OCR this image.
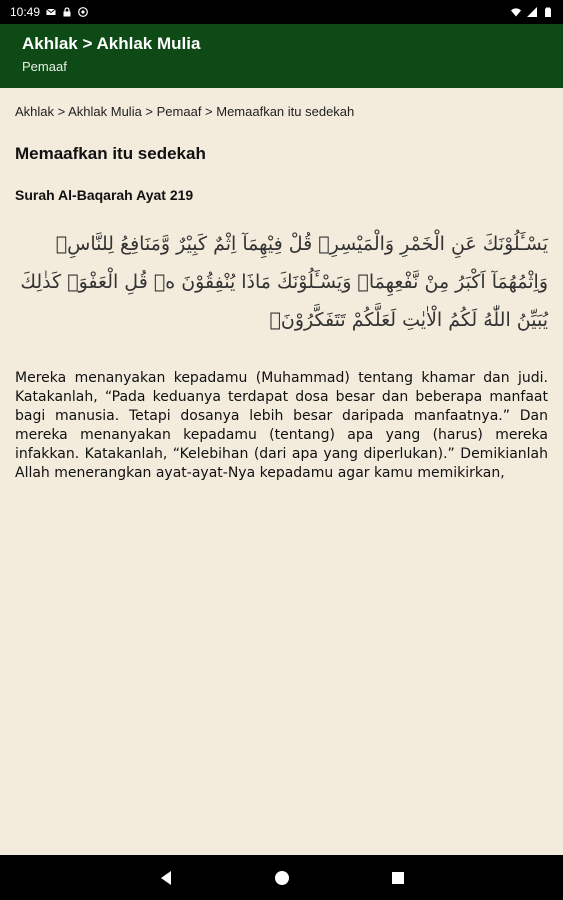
10:49
Akhlak > Akhlak Mulia
Pemaaf
Akhlak > Akhlak Mulia > Pemaaf > Memaafkan itu sedekah
Memaafkan itu sedekah
Surah Al-Baqarah Ayat 219
يَسْـَٔلُوْنَكَ عَنِ الْخَمْرِ وَالْمَيْسِرِۗ قُلْ فِيْهِمَآ اِثْمٌ كَبِيْرٌ وَّمَنَافِعُ لِلنَّاسِۖ وَاِثْمُهُمَآ اَكْبَرُ مِنْ نَّفْعِهِمَاۗ وَيَسْـَٔلُوْنَكَ مَاذَا يُنْفِقُوْنَ ەۗ قُلِ الْعَفْوَۗ كَذٰلِكَ يُبَيِّنُ اللّٰهُ لَكُمُ الْاٰيٰتِ لَعَلَّكُمْ تَتَفَكَّرُوْنَۙ
Mereka menanyakan kepadamu (Muhammad) tentang khamar dan judi. Katakanlah, “Pada keduanya terdapat dosa besar dan beberapa manfaat bagi manusia. Tetapi dosanya lebih besar daripada manfaatnya.” Dan mereka menanyakan kepadamu (tentang) apa yang (harus) mereka infakkan. Katakanlah, “Kelebihan (dari apa yang diperlukan).” Demikianlah Allah menerangkan ayat-ayat-Nya kepadamu agar kamu memikirkan,
